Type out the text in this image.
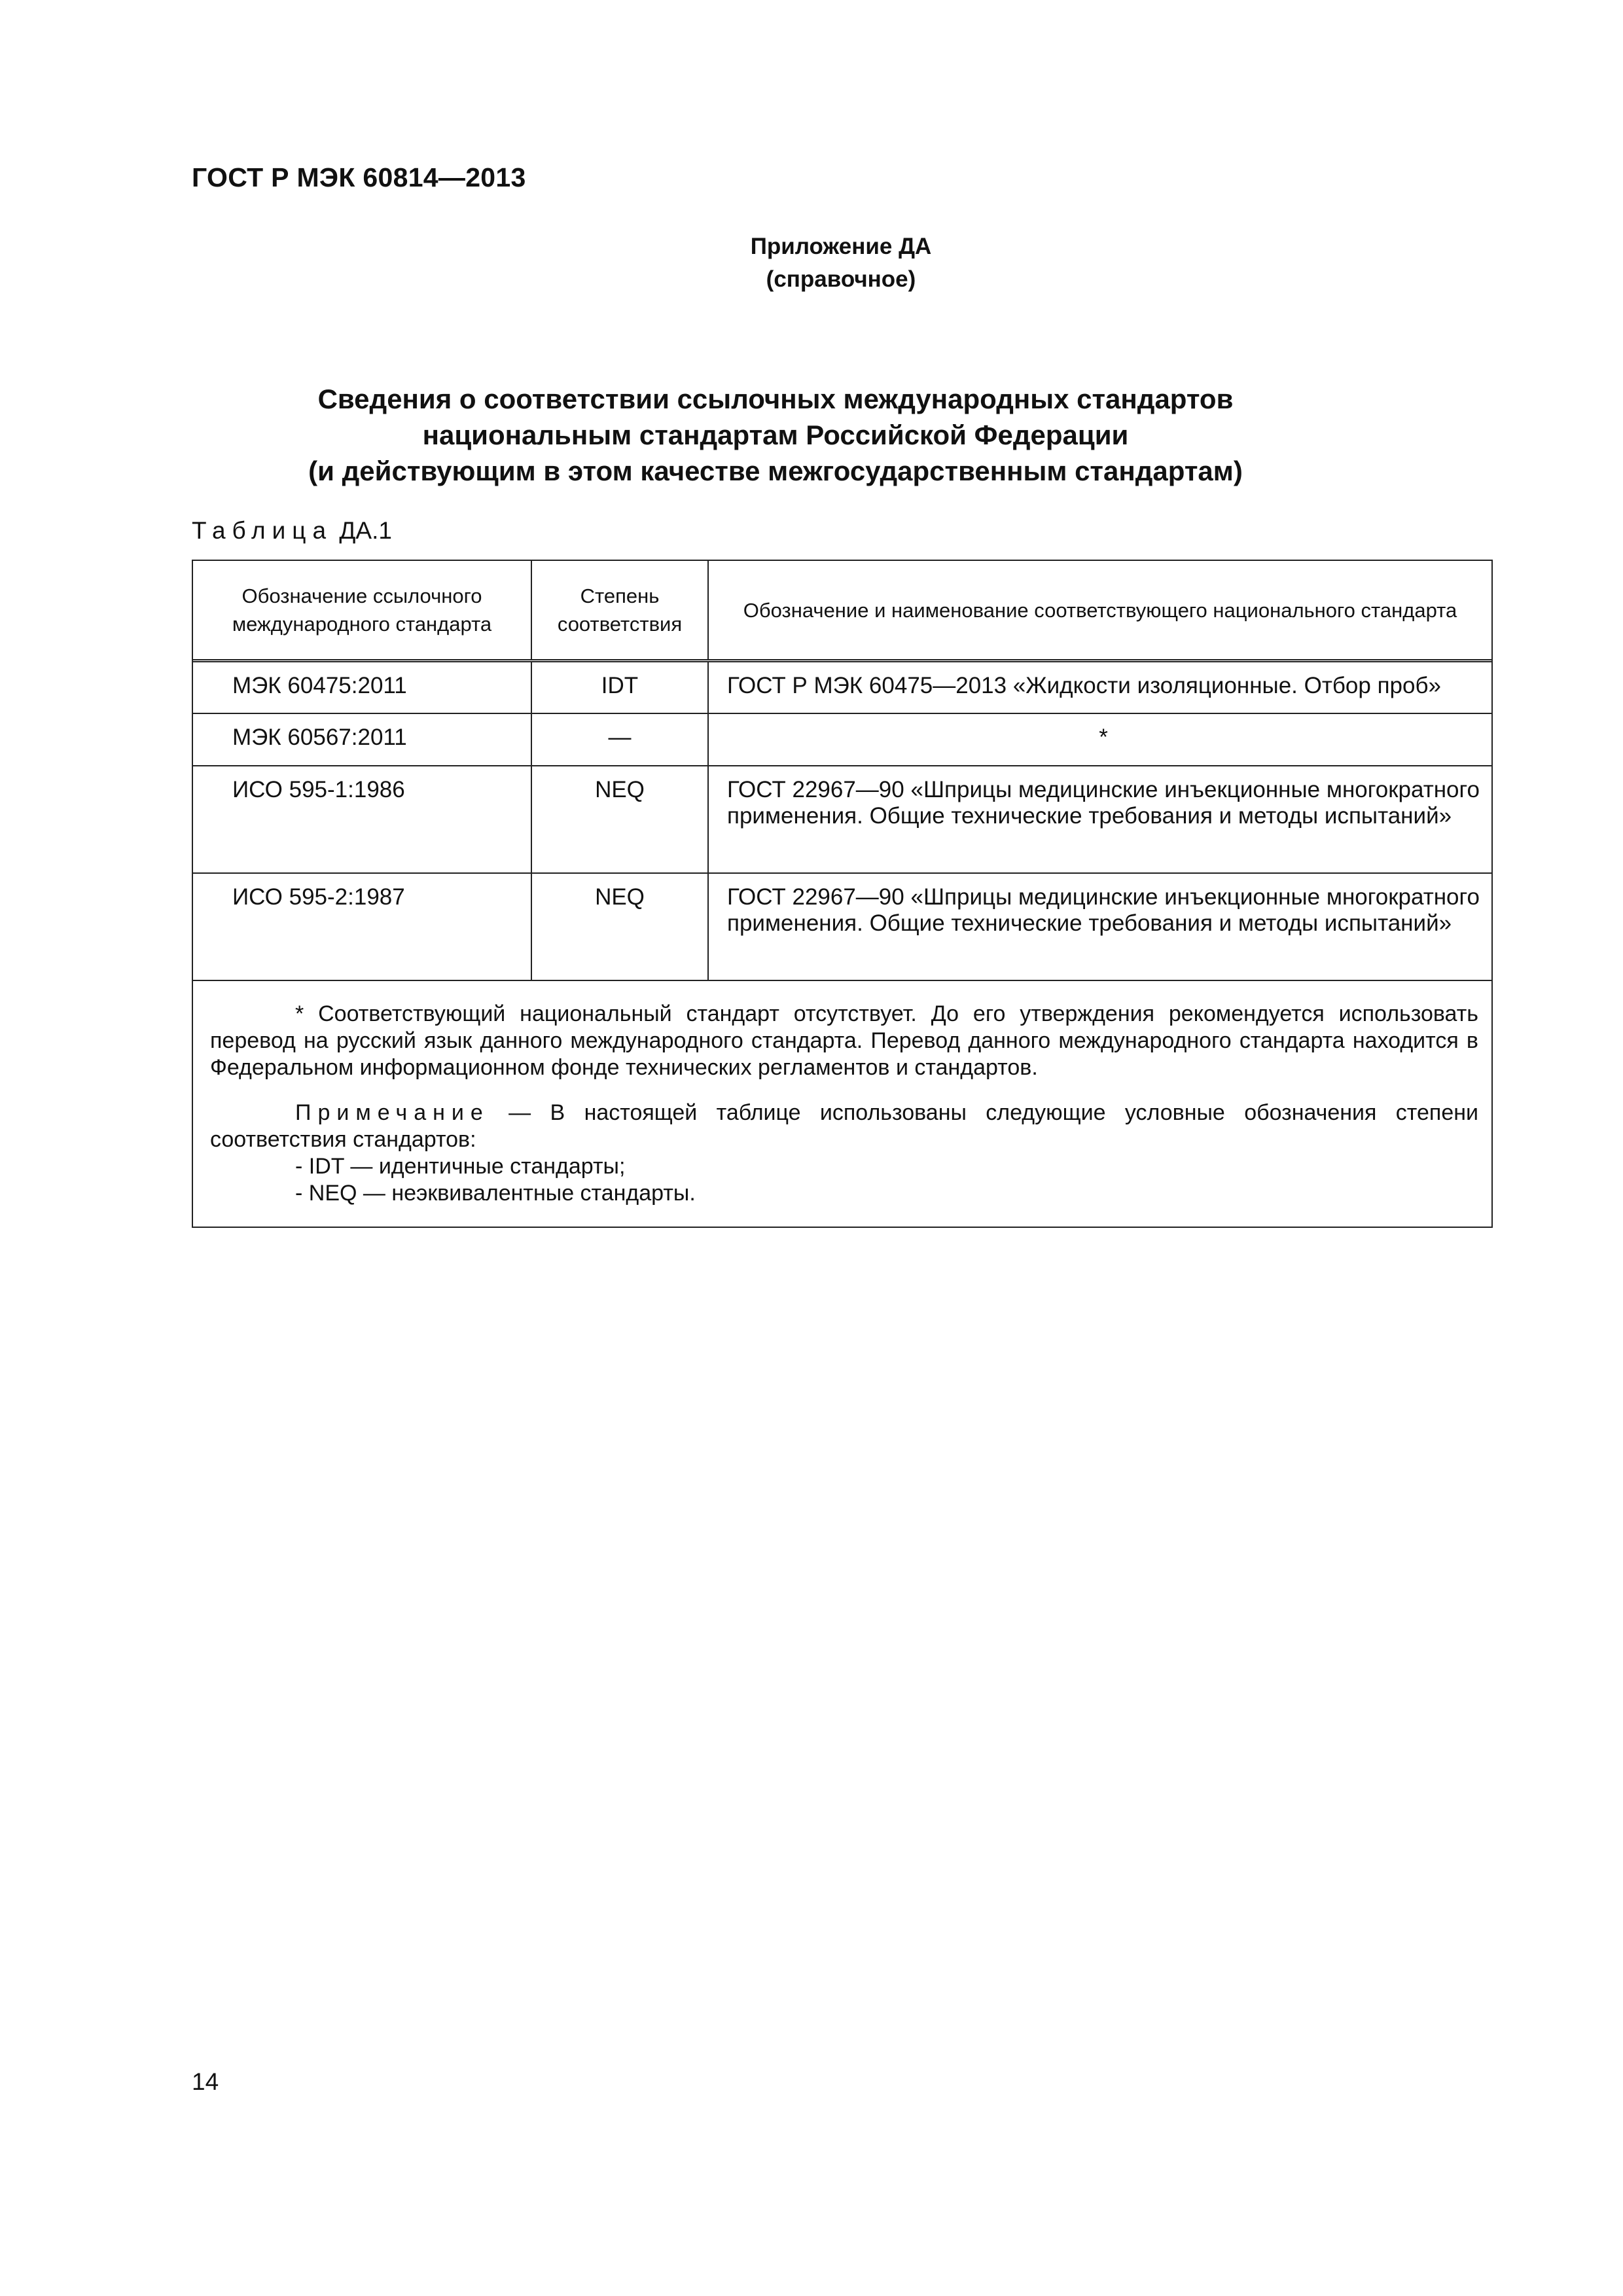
ГОСТ Р МЭК 60814—2013
Приложение ДА
(справочное)
Сведения о соответствии ссылочных международных стандартов
национальным стандартам Российской Федерации
(и действующим в этом качестве межгосударственным стандартам)
Таблица ДА.1
Обозначение ссылочного международного стандарта	Степень соответствия	Обозначение и наименование соответствующего национального стандарта
МЭК 60475:2011	IDT	ГОСТ Р МЭК 60475—2013 «Жидкости изоляционные. Отбор проб»
МЭК 60567:2011	—	*
ИСО 595-1:1986	NEQ	ГОСТ 22967—90 «Шприцы медицинские инъекционные многократного применения. Общие технические требования и методы испытаний»
ИСО 595-2:1987	NEQ	ГОСТ 22967—90 «Шприцы медицинские инъекционные многократного применения. Общие технические требования и методы испытаний»

* Соответствующий национальный стандарт отсутствует. До его утверждения рекомендуется использовать перевод на русский язык данного международного стандарта. Перевод данного международного стандарта находится в Федеральном информационном фонде технических регламентов и стандартов.

Примечание — В настоящей таблице использованы следующие условные обозначения степени соответствия стандартов:

- IDT — идентичные стандарты;

- NEQ — неэквивалентные стандарты.		

14
